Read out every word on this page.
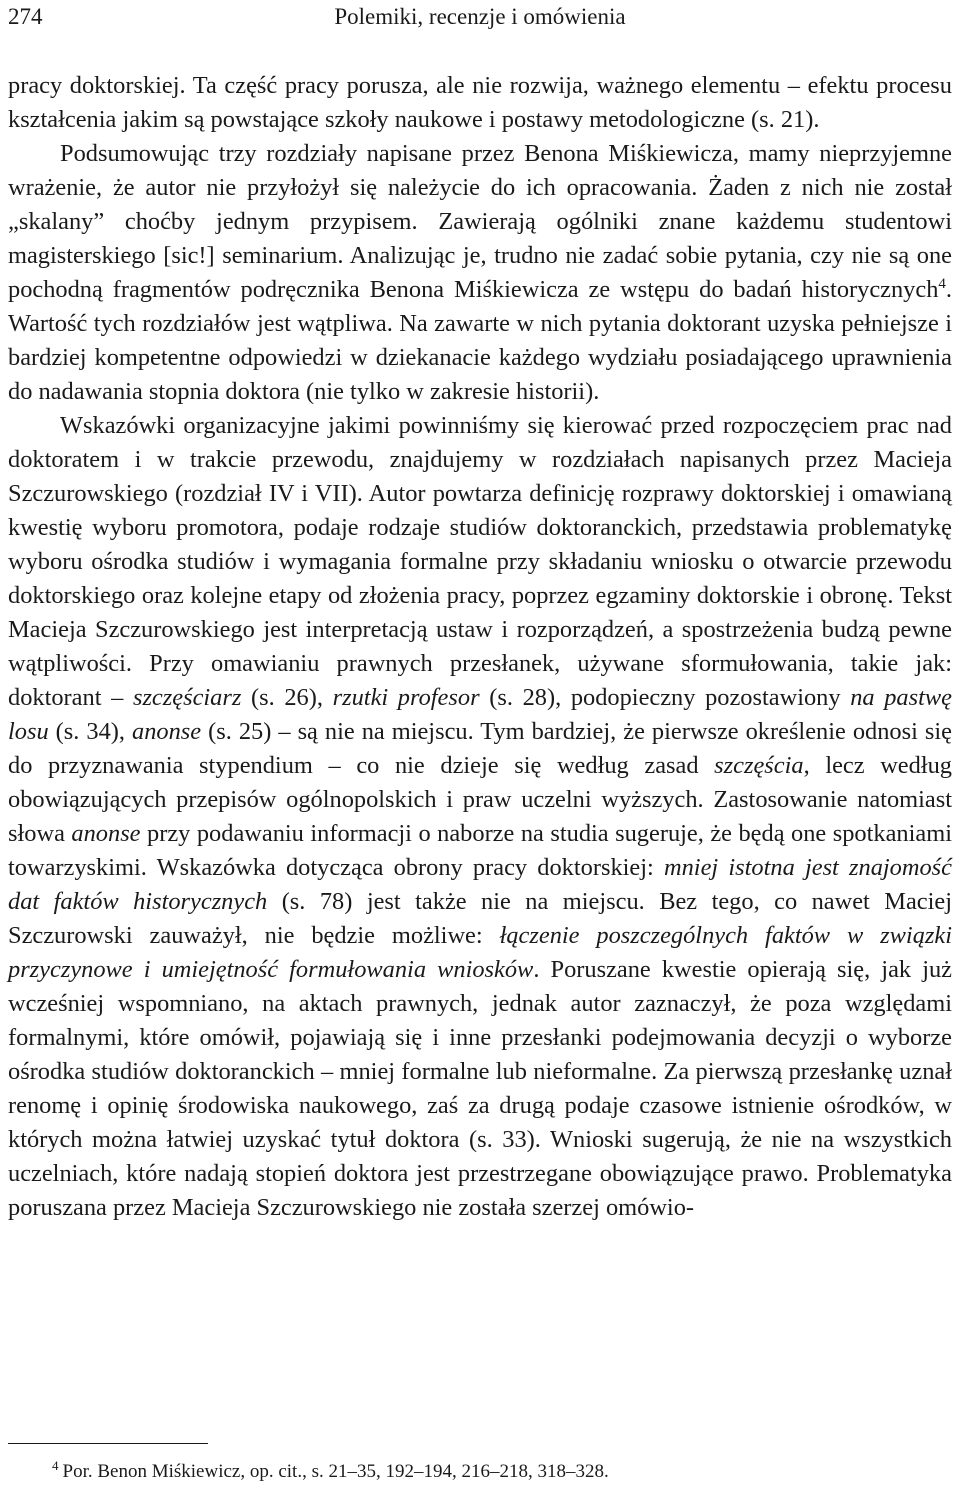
274	Polemiki, recenzje i omówienia

pracy doktorskiej. Ta część pracy porusza, ale nie rozwija, ważnego elementu – efektu procesu kształcenia jakim są powstające szkoły naukowe i postawy metodologiczne (s. 21).

Podsumowując trzy rozdziały napisane przez Benona Miśkiewicza, mamy nieprzyjemne wrażenie, że autor nie przyłożył się należycie do ich opracowania. Żaden z nich nie został „skalany” choćby jednym przypisem. Zawierają ogólniki znane każdemu studentowi magisterskiego [sic!] seminarium. Analizując je, trudno nie zadać sobie pytania, czy nie są one pochodną fragmentów podręcznika Benona Miśkiewicza ze wstępu do badań historycznych$^4$. Wartość tych rozdziałów jest wątpliwa. Na zawarte w nich pytania doktorant uzyska pełniejsze i bardziej kompetentne odpowiedzi w dziekanacie każdego wydziału posiadającego uprawnienia do nadawania stopnia doktora (nie tylko w zakresie historii).

Wskazówki organizacyjne jakimi powinniśmy się kierować przed rozpoczęciem prac nad doktoratem i w trakcie przewodu, znajdujemy w rozdziałach napisanych przez Macieja Szczurowskiego (rozdział IV i VII). Autor powtarza definicję rozprawy doktorskiej i omawianą kwestię wyboru promotora, podaje rodzaje studiów doktoranckich, przedstawia problematykę wyboru ośrodka studiów i wymagania formalne przy składaniu wniosku o otwarcie przewodu doktorskiego oraz kolejne etapy od złożenia pracy, poprzez egzaminy doktorskie i obronę. Tekst Macieja Szczurowskiego jest interpretacją ustaw i rozporządzeń, a spostrzeżenia budzą pewne wątpliwości. Przy omawianiu prawnych przesłanek, używane sformułowania, takie jak: doktorant – szczęściarz (s. 26), rzutki profesor (s. 28), podopieczny pozostawiony na pastwę losu (s. 34), anonse (s. 25) – są nie na miejscu. Tym bardziej, że pierwsze określenie odnosi się do przyznawania stypendium – co nie dzieje się według zasad szczęścia, lecz według obowiązujących przepisów ogólnopolskich i praw uczelni wyższych. Zastosowanie natomiast słowa anonse przy podawaniu informacji o naborze na studia sugeruje, że będą one spotkaniami towarzyskimi. Wskazówka dotycząca obrony pracy doktorskiej: mniej istotna jest znajomość dat faktów historycznych (s. 78) jest także nie na miejscu. Bez tego, co nawet Maciej Szczurowski zauważył, nie będzie możliwe: łączenie poszczególnych faktów w związki przyczynowe i umiejętność formułowania wniosków. Poruszane kwestie opierają się, jak już wcześniej wspomniano, na aktach prawnych, jednak autor zaznaczył, że poza względami formalnymi, które omówił, pojawiają się i inne przesłanki podejmowania decyzji o wyborze ośrodka studiów doktoranckich – mniej formalne lub nieformalne. Za pierwszą przesłankę uznał renomę i opinię środowiska naukowego, zaś za drugą podaje czasowe istnienie ośrodków, w których można łatwiej uzyskać tytuł doktora (s. 33). Wnioski sugerują, że nie na wszystkich uczelniach, które nadają stopień doktora jest przestrzegane obowiązujące prawo. Problematyka poruszana przez Macieja Szczurowskiego nie została szerzej omówio-

$^4$ Por. Benon Miśkiewicz, op. cit., s. 21–35, 192–194, 216–218, 318–328.
